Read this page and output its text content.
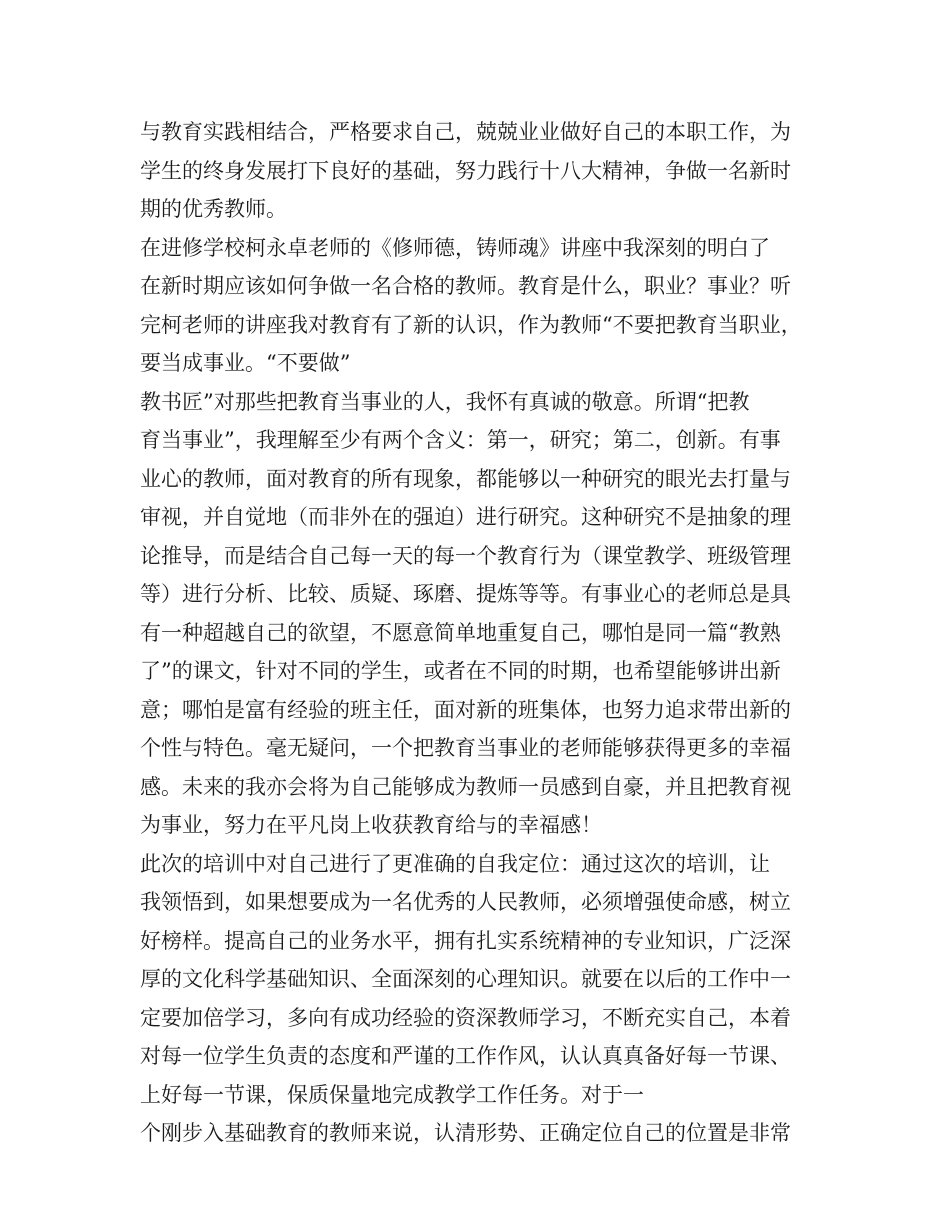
与教育实践相结合，严格要求自己，兢兢业业做好自己的本职工作，为
学生的终身发展打下良好的基础，努力践行十八大精神，争做一名新时
期的优秀教师。
在进修学校柯永卓老师的《修师德，铸师魂》讲座中我深刻的明白了
在新时期应该如何争做一名合格的教师。教育是什么，职业？事业？听
完柯老师的讲座我对教育有了新的认识，作为教师“不要把教育当职业，
要当成事业。“不要做”
教书匠”对那些把教育当事业的人，我怀有真诚的敬意。所谓“把教
育当事业”，我理解至少有两个含义：第一，研究；第二，创新。有事
业心的教师，面对教育的所有现象，都能够以一种研究的眼光去打量与
审视，并自觉地（而非外在的强迫）进行研究。这种研究不是抽象的理
论推导，而是结合自己每一天的每一个教育行为（课堂教学、班级管理
等）进行分析、比较、质疑、琢磨、提炼等等。有事业心的老师总是具
有一种超越自己的欲望，不愿意简单地重复自己，哪怕是同一篇“教熟
了”的课文，针对不同的学生，或者在不同的时期，也希望能够讲出新
意；哪怕是富有经验的班主任，面对新的班集体，也努力追求带出新的
个性与特色。毫无疑问，一个把教育当事业的老师能够获得更多的幸福
感。未来的我亦会将为自己能够成为教师一员感到自豪，并且把教育视
为事业，努力在平凡岗上收获教育给与的幸福感！
此次的培训中对自己进行了更准确的自我定位：通过这次的培训，让
我领悟到，如果想要成为一名优秀的人民教师，必须增强使命感，树立
好榜样。提高自己的业务水平，拥有扎实系统精神的专业知识，广泛深
厚的文化科学基础知识、全面深刻的心理知识。就要在以后的工作中一
定要加倍学习，多向有成功经验的资深教师学习，不断充实自己，本着
对每一位学生负责的态度和严谨的工作作风，认认真真备好每一节课、
上好每一节课，保质保量地完成教学工作任务。对于一
个刚步入基础教育的教师来说，认清形势、正确定位自己的位置是非常
